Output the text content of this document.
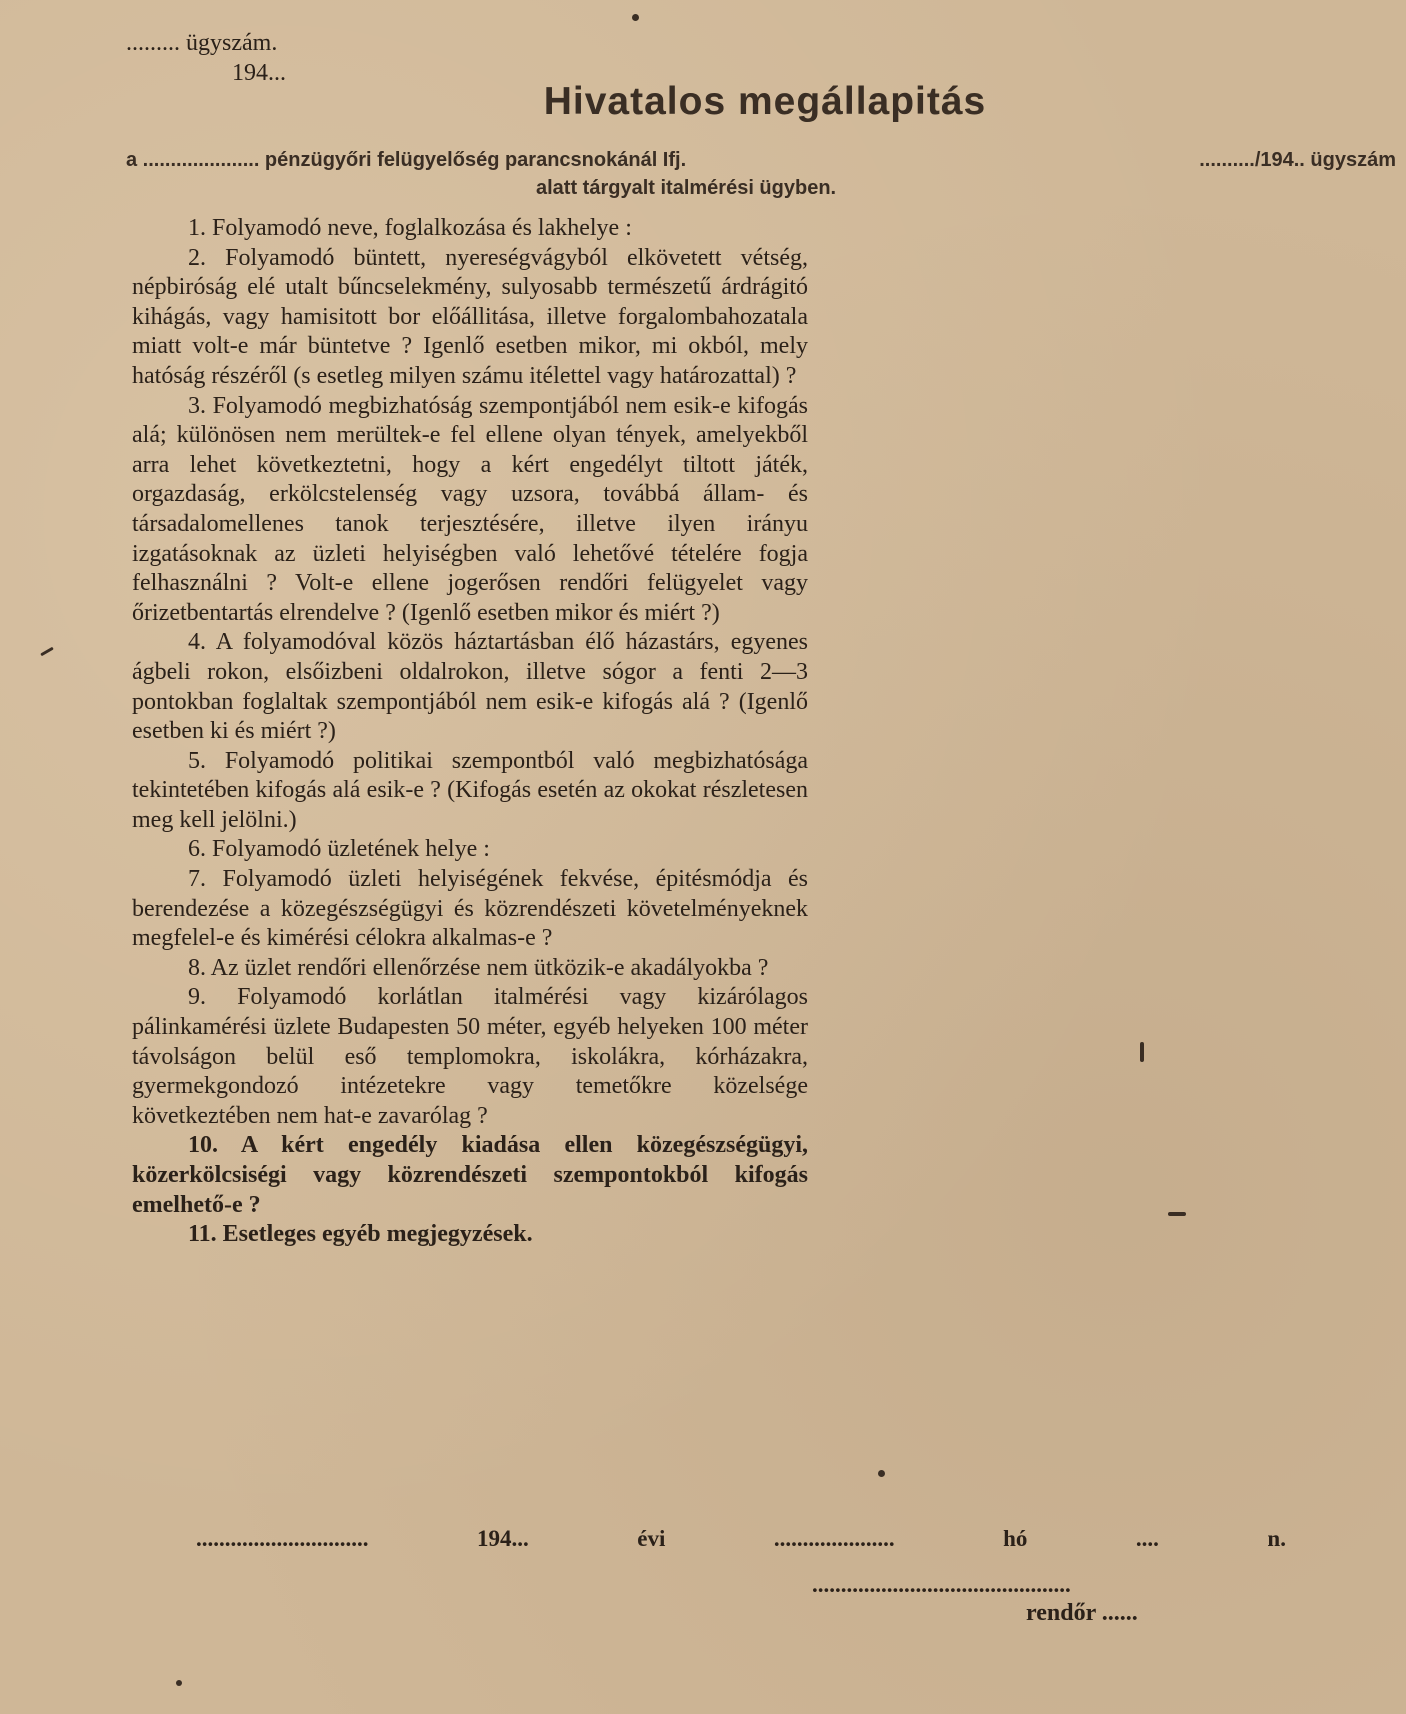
......... ügyszám.
194...
Hivatalos megállapitás
a ..................... pénzügyőri felügyelőség parancsnokánál Ifj.	........../194.. ügyszám
alatt tárgyalt italmérési ügyben.

1. Folyamodó neve, foglalkozása és lakhelye :

2. Folyamodó büntett, nyereségvágyból elkövetett vétség, népbiróság elé utalt bűncselekmény, sulyosabb természetű árdrágitó kihágás, vagy hamisitott bor előállitása, illetve forgalombahozatala miatt volt-e már büntetve ? Igenlő esetben mikor, mi okból, mely hatóság részéről (s esetleg milyen számu itélettel vagy határozattal) ?

3. Folyamodó megbizhatóság szempontjából nem esik-e kifogás alá; különösen nem merültek-e fel ellene olyan tények, amelyekből arra lehet következtetni, hogy a kért engedélyt tiltott játék, orgazdaság, erkölcstelenség vagy uzsora, továbbá állam- és társadalomellenes tanok terjesztésére, illetve ilyen irányu izgatásoknak az üzleti helyiségben való lehetővé tételére fogja felhasználni ? Volt-e ellene jogerősen rendőri felügyelet vagy őrizetbentartás elrendelve ? (Igenlő esetben mikor és miért ?)

4. A folyamodóval közös háztartásban élő házastárs, egyenes ágbeli rokon, elsőizbeni oldalrokon, illetve sógor a fenti 2—3 pontokban foglaltak szempontjából nem esik-e kifogás alá ? (Igenlő esetben ki és miért ?)

5. Folyamodó politikai szempontból való megbizhatósága tekintetében kifogás alá esik-e ? (Kifogás esetén az okokat részletesen meg kell jelölni.)

6. Folyamodó üzletének helye :

7. Folyamodó üzleti helyiségének fekvése, épitésmódja és berendezése a közegészségügyi és közrendészeti követelményeknek megfelel-e és kimérési célokra alkalmas-e ?

8. Az üzlet rendőri ellenőrzése nem ütközik-e akadályokba ?

9. Folyamodó korlátlan italmérési vagy kizárólagos pálinkamérési üzlete Budapesten 50 méter, egyéb helyeken 100 méter távolságon belül eső templomokra, iskolákra, kórházakra, gyermekgondozó intézetekre vagy temetőkre közelsége következtében nem hat-e zavarólag ?

10. A kért engedély kiadása ellen közegészségügyi, közerkölcsiségi vagy közrendészeti szempontokból kifogás emelhető-e ?

11. Esetleges egyéb megjegyzések.

..............................	194...	évi	.....................	hó	....	n.
.............................................
rendőr ......
